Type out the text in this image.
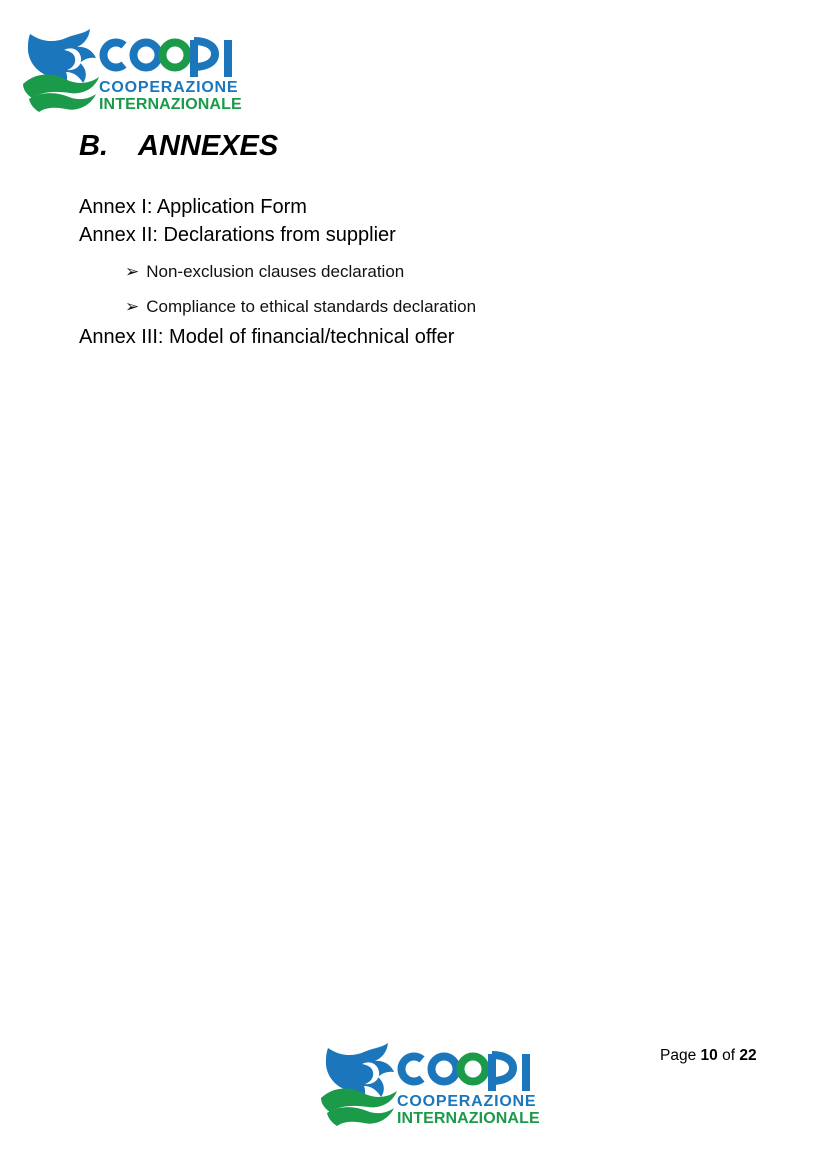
COOPERAZIONE
INTERNAZIONALE
B. ANNEXES
Annex I: Application Form
Annex II: Declarations from supplier
➢ Non-exclusion clauses declaration
➢ Compliance to ethical standards declaration
Annex III: Model of financial/technical offer
COOPERAZIONE
INTERNAZIONALE
Page 10 of 22
